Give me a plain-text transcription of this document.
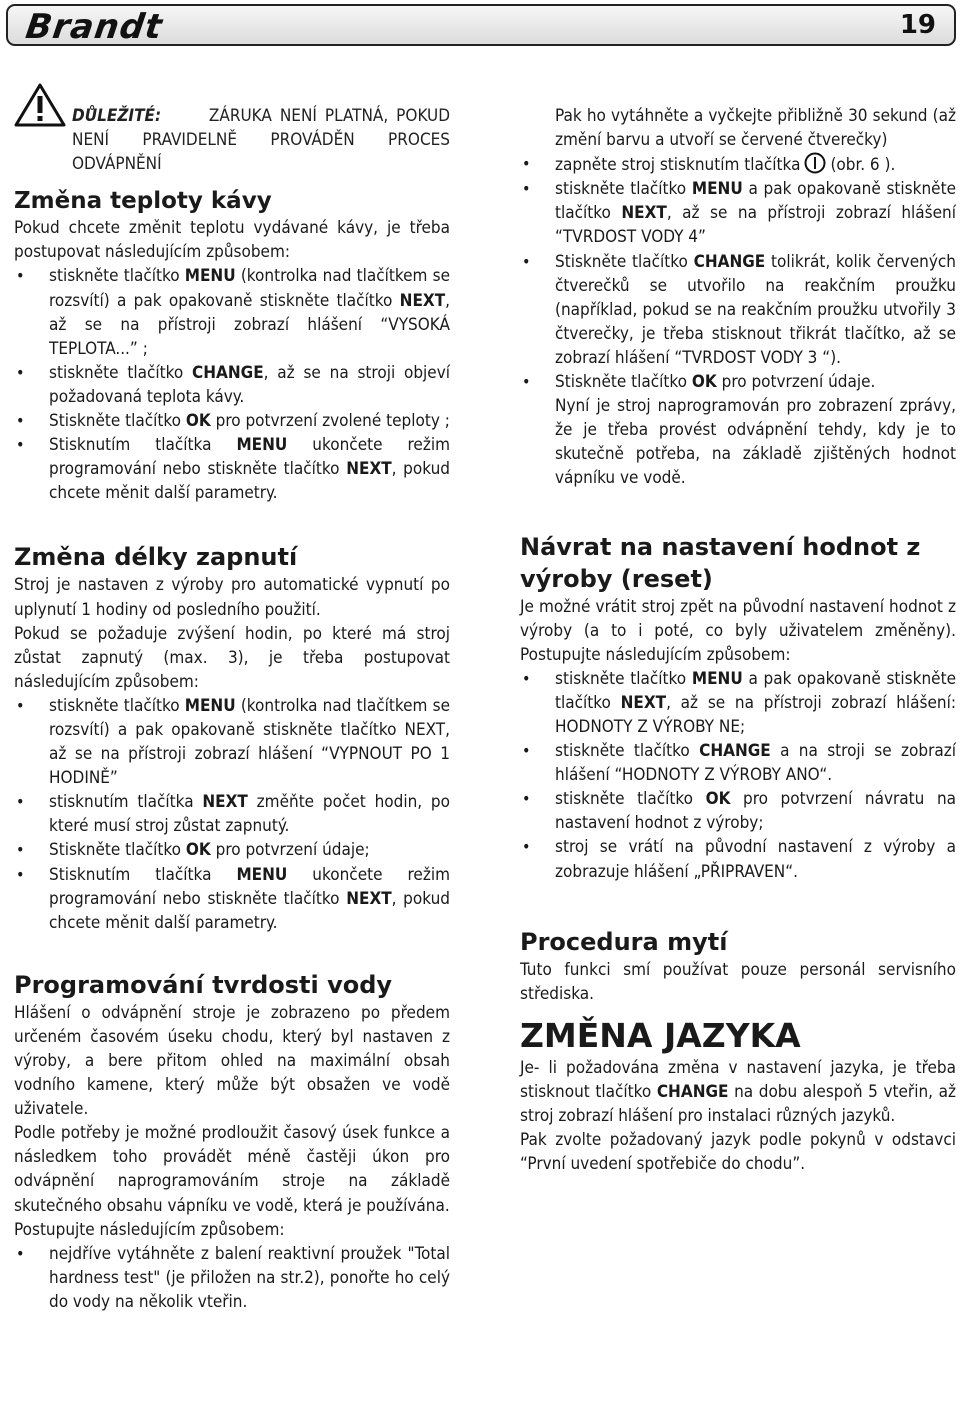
Brandt	19

DŮLEŽITÉ:	ZÁRUKA NENÍ PLATNÁ, POKUD NENÍ PRAVIDELNĚ PROVÁDĚN PROCES ODVÁPNĚNÍ

Změna teploty kávy

Pokud chcete změnit teplotu vydávané kávy, je třeba postupovat následujícím způsobem:

• stiskněte tlačítko MENU (kontrolka nad tlačítkem se rozsvítí) a pak opakovaně stiskněte tlačítko NEXT, až se na přístroji zobrazí hlášení “VYSOKÁ TEPLOTA...” ;
• stiskněte tlačítko CHANGE, až se na stroji objeví požadovaná teplota kávy.
• Stiskněte tlačítko OK pro potvrzení zvolené teploty ;
• Stisknutím tlačítka MENU ukončete režim programování nebo stiskněte tlačítko NEXT, pokud chcete měnit další parametry.
Změna délky zapnutí

Stroj je nastaven z výroby pro automatické vypnutí po uplynutí 1 hodiny od posledního použití.

Pokud se požaduje zvýšení hodin, po které má stroj zůstat zapnutý (max. 3), je třeba postupovat následujícím způsobem:

• stiskněte tlačítko MENU (kontrolka nad tlačítkem se rozsvítí) a pak opakovaně stiskněte tlačítko NEXT, až se na přístroji zobrazí hlášení “VYPNOUT PO 1 HODINĚ”
• stisknutím tlačítka NEXT změňte počet hodin, po které musí stroj zůstat zapnutý.
• Stiskněte tlačítko OK pro potvrzení údaje;
• Stisknutím tlačítka MENU ukončete režim programování nebo stiskněte tlačítko NEXT, pokud chcete měnit další parametry.
Programování tvrdosti vody

Hlášení o odvápnění stroje je zobrazeno po předem určeném časovém úseku chodu, který byl nastaven z výroby, a bere přitom ohled na maximální obsah vodního kamene, který může být obsažen ve vodě uživatele.

Podle potřeby je možné prodloužit časový úsek funkce a následkem toho provádět méně častěji úkon pro odvápnění naprogramováním stroje na základě skutečného obsahu vápníku ve vodě, která je používána.

Postupujte následujícím způsobem:

• nejdříve vytáhněte z balení reaktivní proužek "Total hardness test" (je přiložen na str.2), ponořte ho celý do vody na několik vteřin.
Pak ho vytáhněte a vyčkejte přibližně 30 sekund (až změní barvu a utvoří se červené čtverečky)
• zapněte stroj stisknutím tlačítka (obr. 6 ).
• stiskněte tlačítko MENU a pak opakovaně stiskněte tlačítko NEXT, až se na přístroji zobrazí hlášení “TVRDOST VODY 4”
• Stiskněte tlačítko CHANGE tolikrát, kolik červených čtverečků se utvořilo na reakčním proužku (například, pokud se na reakčním proužku utvořily 3 čtverečky, je třeba stisknout třikrát tlačítko, až se zobrazí hlášení “TVRDOST VODY 3 “).
• Stiskněte tlačítko OK pro potvrzení údaje.
Nyní je stroj naprogramován pro zobrazení zprávy, že je třeba provést odvápnění tehdy, kdy je to skutečně potřeba, na základě zjištěných hodnot vápníku ve vodě.
Návrat na nastavení hodnot z výroby (reset)

Je možné vrátit stroj zpět na původní nastavení hodnot z výroby (a to i poté, co byly uživatelem změněny). Postupujte následujícím způsobem:

• stiskněte tlačítko MENU a pak opakovaně stiskněte tlačítko NEXT, až se na přístroji zobrazí hlášení: HODNOTY Z VÝROBY NE;
• stiskněte tlačítko CHANGE a na stroji se zobrazí hlášení “HODNOTY Z VÝROBY ANO“.
• stiskněte tlačítko OK pro potvrzení návratu na nastavení hodnot z výroby;
• stroj se vrátí na původní nastavení z výroby a zobrazuje hlášení „PŘIPRAVEN“.
Procedura mytí

Tuto funkci smí používat pouze personál servisního střediska.

ZMĚNA JAZYKA

Je- li požadována změna v nastavení jazyka, je třeba stisknout tlačítko CHANGE na dobu alespoň 5 vteřin, až stroj zobrazí hlášení pro instalaci různých jazyků.

Pak zvolte požadovaný jazyk podle pokynů v odstavci “První uvedení spotřebiče do chodu”.
